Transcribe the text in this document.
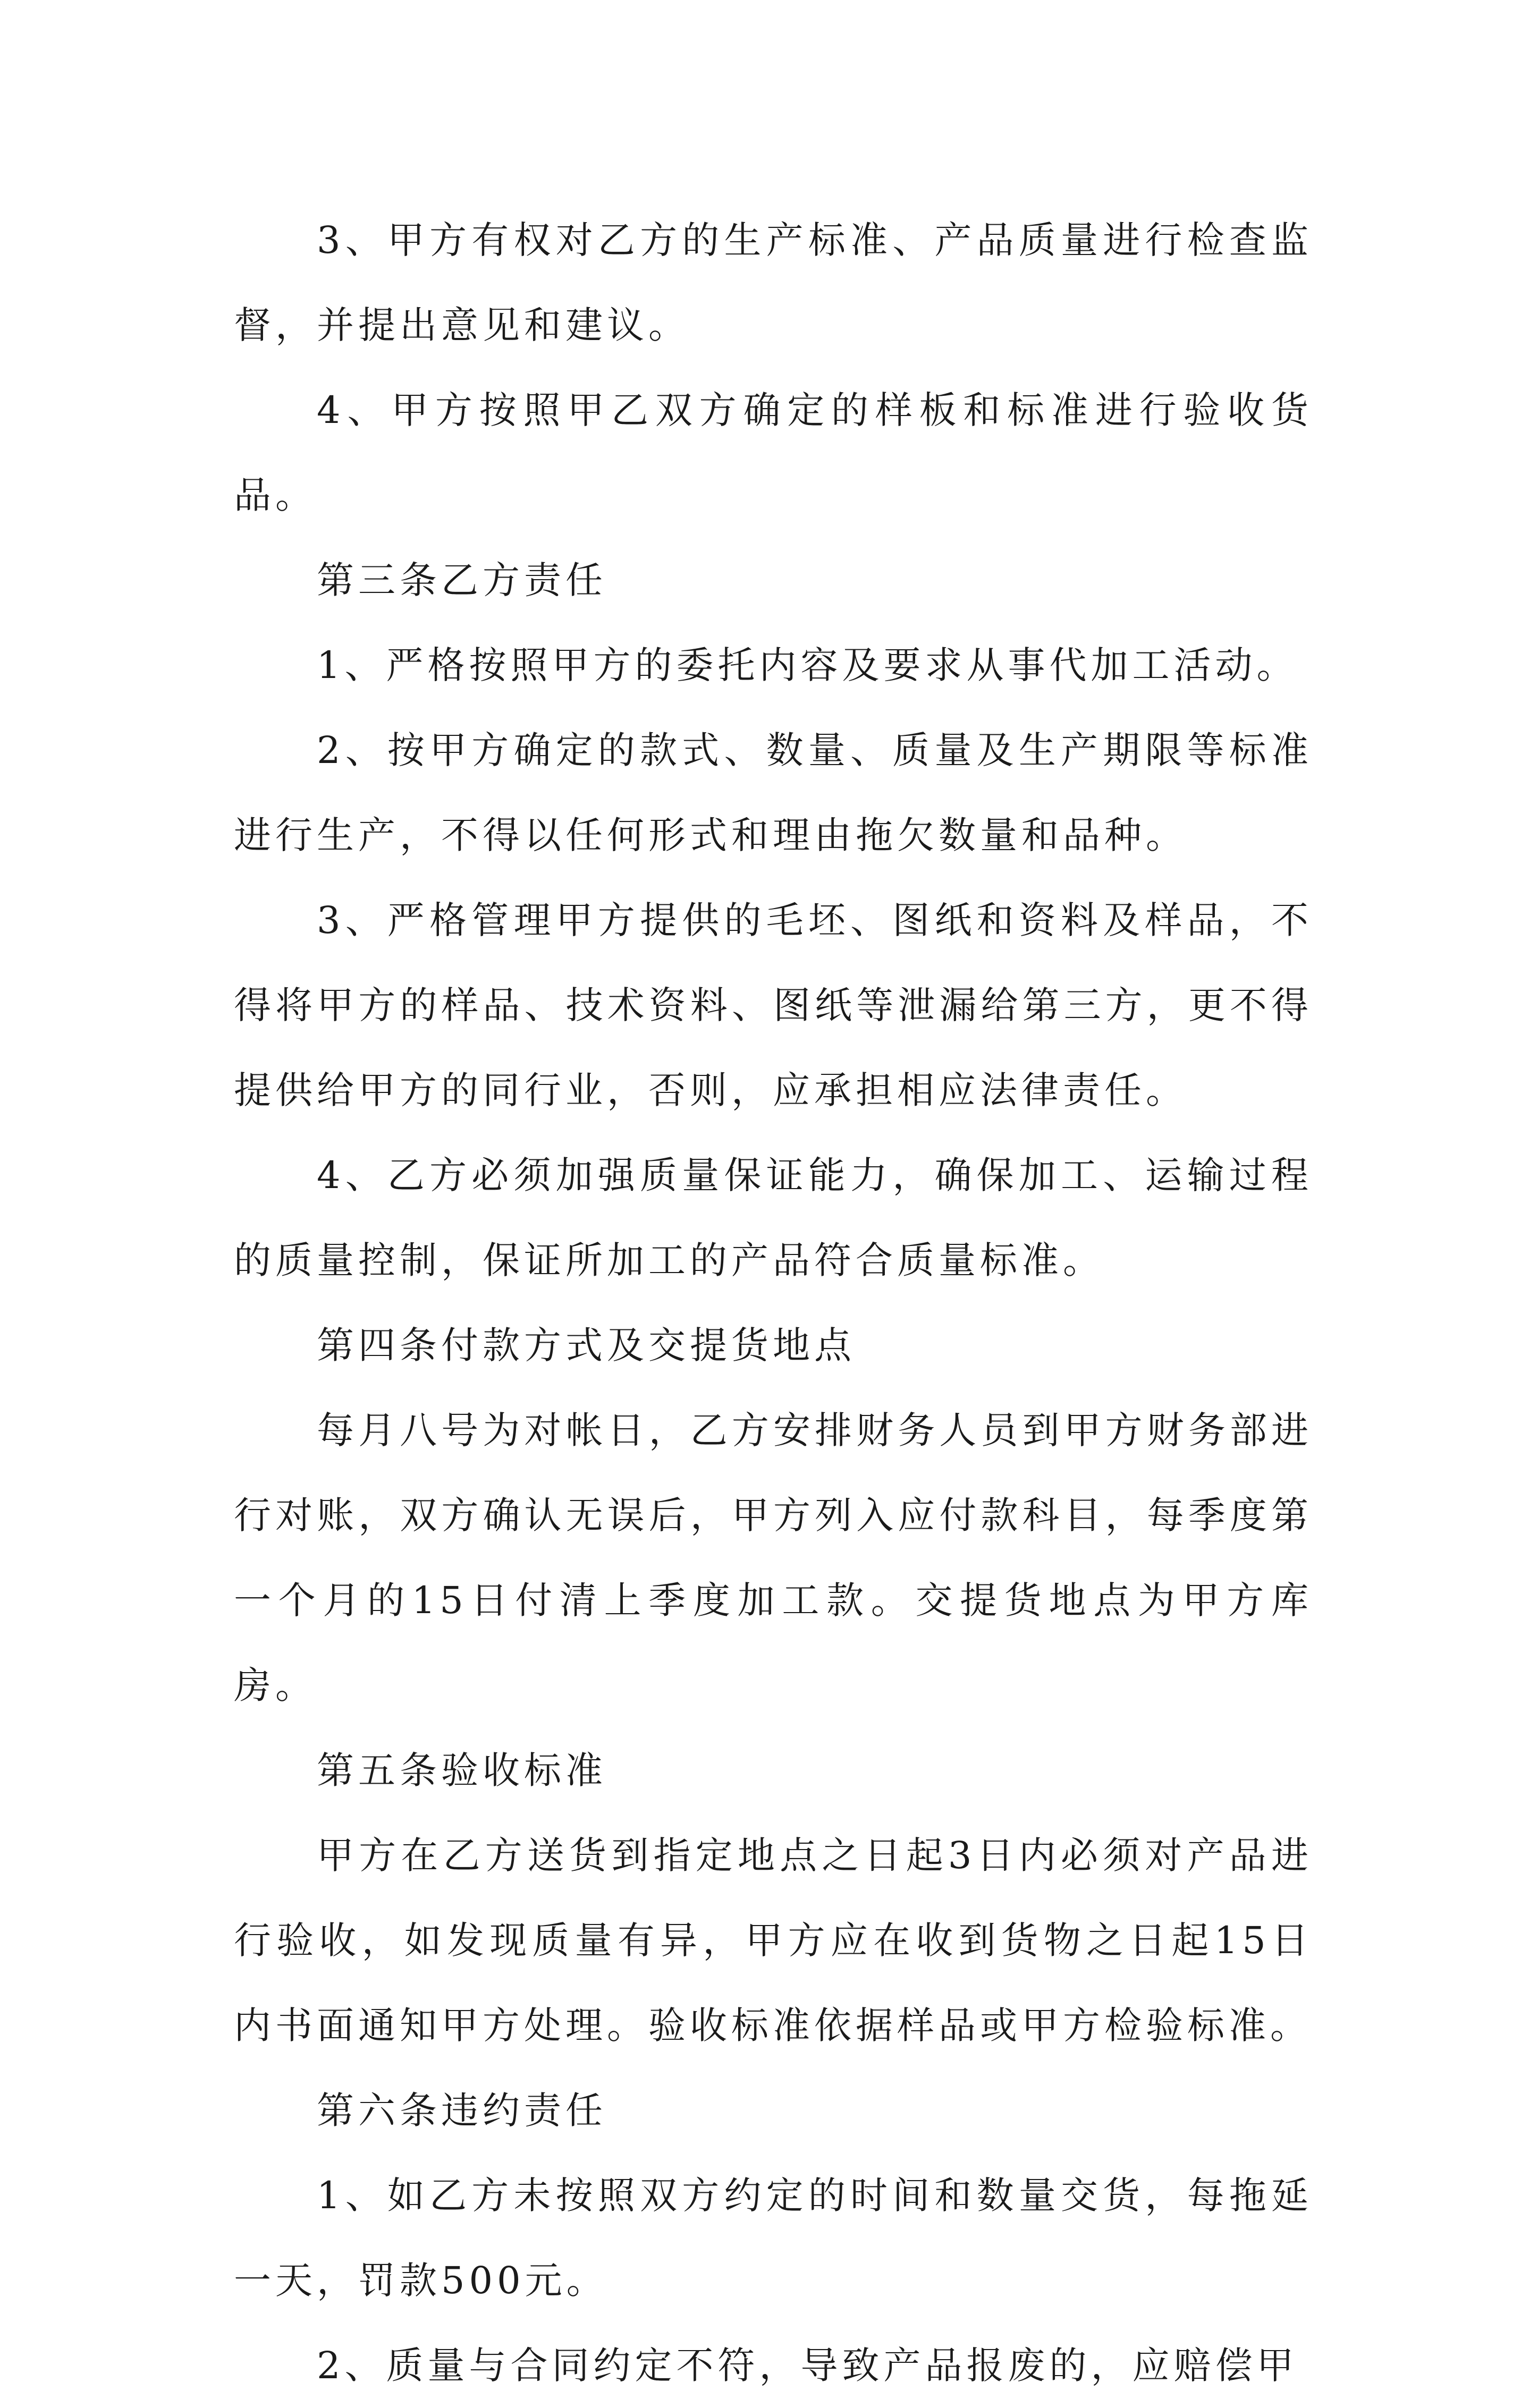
3、甲方有权对乙方的生产标准、产品质量进行检查监督，并提出意见和建议。

4、甲方按照甲乙双方确定的样板和标准进行验收货品。

第三条乙方责任

1、严格按照甲方的委托内容及要求从事代加工活动。

2、按甲方确定的款式、数量、质量及生产期限等标准进行生产，不得以任何形式和理由拖欠数量和品种。

3、严格管理甲方提供的毛坯、图纸和资料及样品，不得将甲方的样品、技术资料、图纸等泄漏给第三方，更不得提供给甲方的同行业，否则，应承担相应法律责任。

4、乙方必须加强质量保证能力，确保加工、运输过程的质量控制，保证所加工的产品符合质量标准。

第四条付款方式及交提货地点

每月八号为对帐日，乙方安排财务人员到甲方财务部进行对账，双方确认无误后，甲方列入应付款科目，每季度第一个月的15日付清上季度加工款。交提货地点为甲方库房。

第五条验收标准

甲方在乙方送货到指定地点之日起3日内必须对产品进行验收，如发现质量有异，甲方应在收到货物之日起15日内书面通知甲方处理。验收标准依据样品或甲方检验标准。

第六条违约责任

1、如乙方未按照双方约定的时间和数量交货，每拖延一天，罚款500元。

2、质量与合同约定不符，导致产品报废的，应赔偿甲
